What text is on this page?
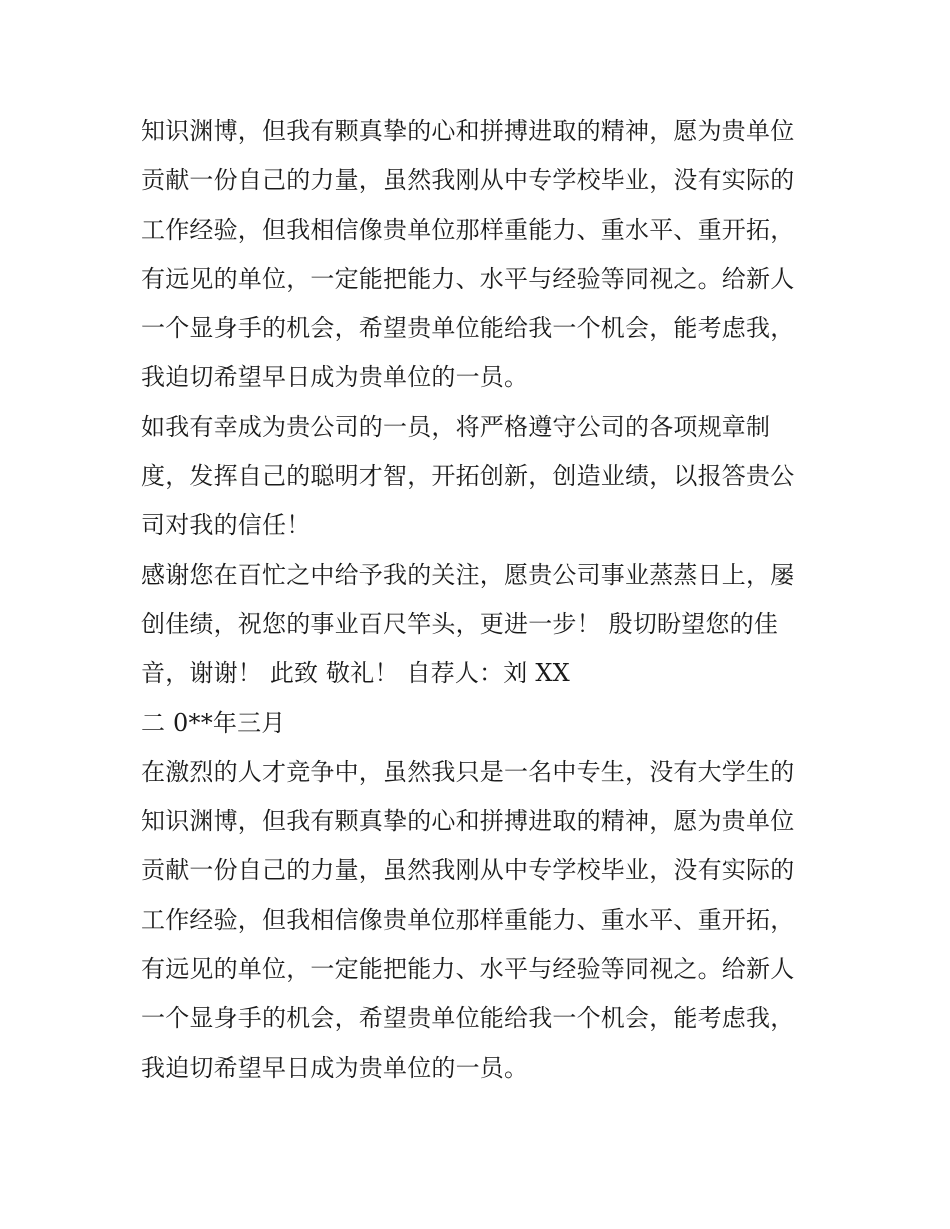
知识渊博，但我有颗真挚的心和拼搏进取的精神，愿为贵单位
贡献一份自己的力量，虽然我刚从中专学校毕业，没有实际的
工作经验，但我相信像贵单位那样重能力、重水平、重开拓，
有远见的单位，一定能把能力、水平与经验等同视之。给新人
一个显身手的机会，希望贵单位能给我一个机会，能考虑我，
我迫切希望早日成为贵单位的一员。
如我有幸成为贵公司的一员，将严格遵守公司的各项规章制
度，发挥自己的聪明才智，开拓创新，创造业绩，以报答贵公
司对我的信任！
感谢您在百忙之中给予我的关注，愿贵公司事业蒸蒸日上，屡
创佳绩，祝您的事业百尺竿头，更进一步！ 殷切盼望您的佳
音，谢谢！ 此致 敬礼！ 自荐人：刘 XX
二 0**年三月
在激烈的人才竞争中，虽然我只是一名中专生，没有大学生的
知识渊博，但我有颗真挚的心和拼搏进取的精神，愿为贵单位
贡献一份自己的力量，虽然我刚从中专学校毕业，没有实际的
工作经验，但我相信像贵单位那样重能力、重水平、重开拓，
有远见的单位，一定能把能力、水平与经验等同视之。给新人
一个显身手的机会，希望贵单位能给我一个机会，能考虑我，
我迫切希望早日成为贵单位的一员。
